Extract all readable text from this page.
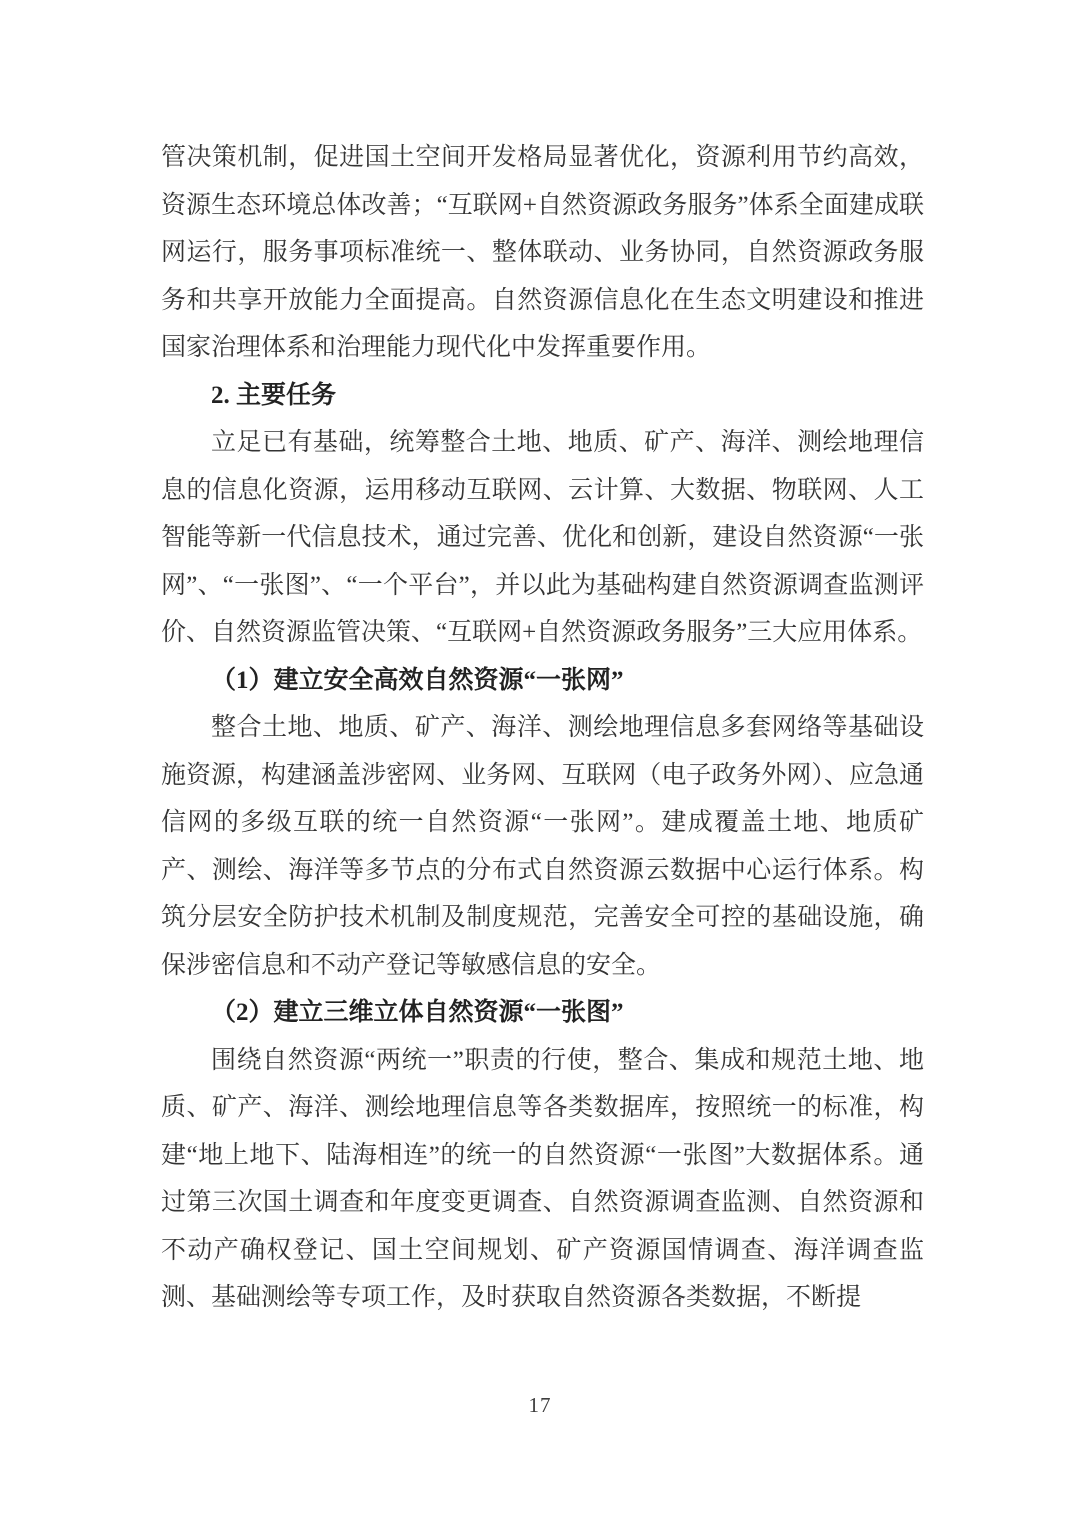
管决策机制，促进国土空间开发格局显著优化，资源利用节约高效，资源生态环境总体改善；“互联网+自然资源政务服务”体系全面建成联网运行，服务事项标准统一、整体联动、业务协同，自然资源政务服务和共享开放能力全面提高。自然资源信息化在生态文明建设和推进国家治理体系和治理能力现代化中发挥重要作用。

2. 主要任务

立足已有基础，统筹整合土地、地质、矿产、海洋、测绘地理信息的信息化资源，运用移动互联网、云计算、大数据、物联网、人工智能等新一代信息技术，通过完善、优化和创新，建设自然资源“一张网”、“一张图”、“一个平台”，并以此为基础构建自然资源调查监测评价、自然资源监管决策、“互联网+自然资源政务服务”三大应用体系。

（1）建立安全高效自然资源“一张网”

整合土地、地质、矿产、海洋、测绘地理信息多套网络等基础设施资源，构建涵盖涉密网、业务网、互联网（电子政务外网）、应急通信网的多级互联的统一自然资源“一张网”。建成覆盖土地、地质矿产、测绘、海洋等多节点的分布式自然资源云数据中心运行体系。构筑分层安全防护技术机制及制度规范，完善安全可控的基础设施，确保涉密信息和不动产登记等敏感信息的安全。

（2）建立三维立体自然资源“一张图”

围绕自然资源“两统一”职责的行使，整合、集成和规范土地、地质、矿产、海洋、测绘地理信息等各类数据库，按照统一的标准，构建“地上地下、陆海相连”的统一的自然资源“一张图”大数据体系。通过第三次国土调查和年度变更调查、自然资源调查监测、自然资源和不动产确权登记、国土空间规划、矿产资源国情调查、海洋调查监测、基础测绘等专项工作，及时获取自然资源各类数据，不断提

17
